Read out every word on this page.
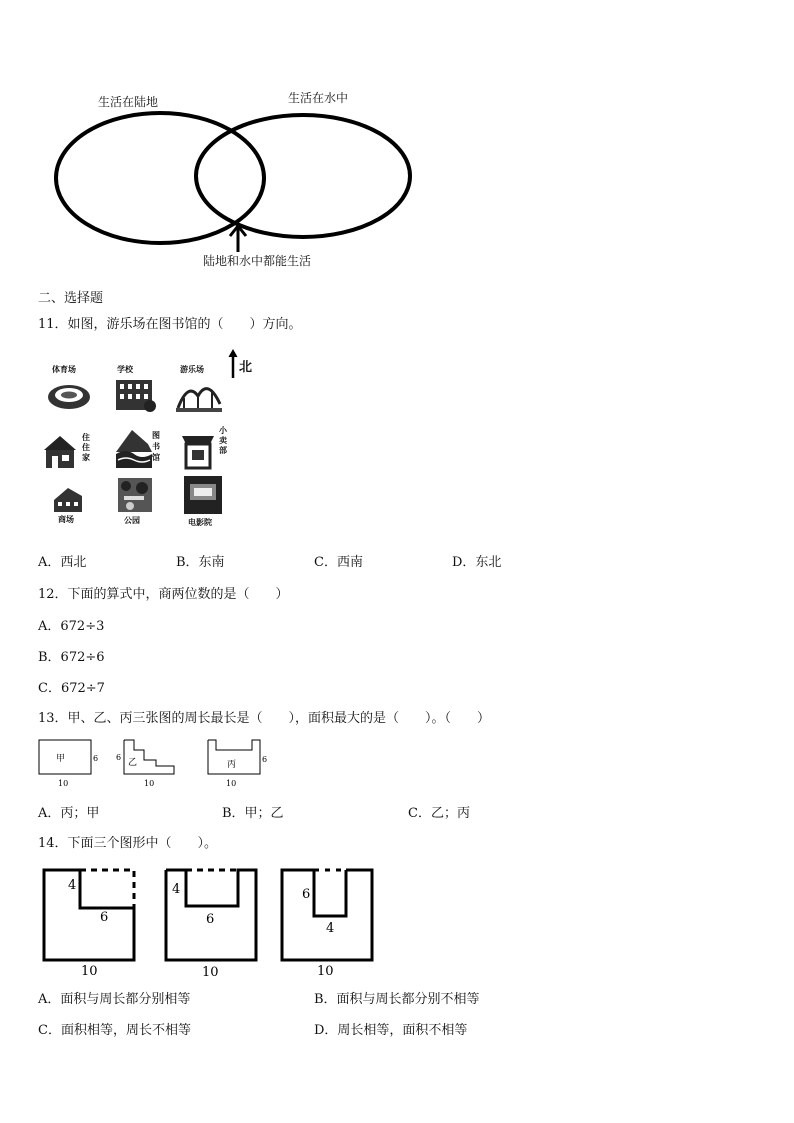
生活在陆地	生活在水中
陆地和水中都能生活
二、选择题
11．如图，游乐场在图书馆的（　　）方向。
北
体育场	学校	游乐场
住住家
图书馆
小卖部
商场	公园	电影院
A．西北	B．东南	C．西南	D．东北
12．下面的算式中，商两位数的是（　　）
A．672÷3
B．672÷6
C．672÷7
13．甲、乙、丙三张图的周长最长是（　　），面积最大的是（　　）。（　　）
甲	6
10
乙
6
10
丙
6
10
A．丙；甲	B．甲；乙	C．乙；丙
14．下面三个图形中（　　）。
4
6
10
4
6
10
6
4
10
A．面积与周长都分别相等	B．面积与周长都分别不相等
C．面积相等，周长不相等	D．周长相等，面积不相等
